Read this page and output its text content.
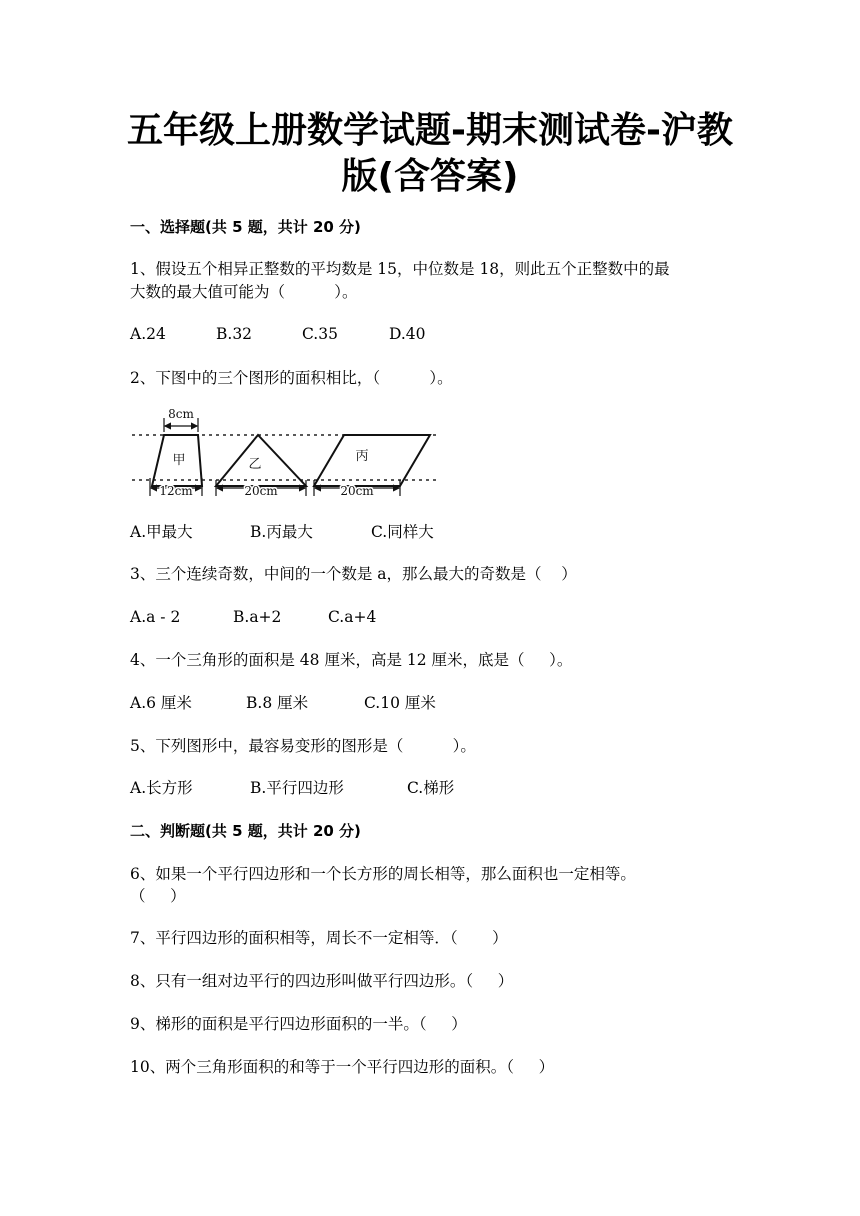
五年级上册数学试题-期末测试卷-沪教
版(含答案)
一、选择题(共 5 题，共计 20 分)
1、假设五个相异正整数的平均数是 15，中位数是 18，则此五个正整数中的最
大数的最大值可能为（          ）。
A.24	B.32	C.35	D.40
2、下图中的三个图形的面积相比，（          ）。
8cm
甲	乙
丙
12cm	20cm	20cm
A.甲最大	B.丙最大	C.同样大
3、三个连续奇数，中间的一个数是 a，那么最大的奇数是（    ）
A.a - 2	B.a+2	C.a+4
4、一个三角形的面积是 48 厘米，高是 12 厘米，底是（     ）。
A.6 厘米	B.8 厘米	C.10 厘米
5、下列图形中，最容易变形的图形是（          ）。
A.长方形	B.平行四边形	C.梯形
二、判断题(共 5 题，共计 20 分)
6、如果一个平行四边形和一个长方形的周长相等，那么面积也一定相等。
（     ）
7、平行四边形的面积相等，周长不一定相等．（       ）
8、只有一组对边平行的四边形叫做平行四边形。（     ）
9、梯形的面积是平行四边形面积的一半。（     ）
10、两个三角形面积的和等于一个平行四边形的面积。（     ）
